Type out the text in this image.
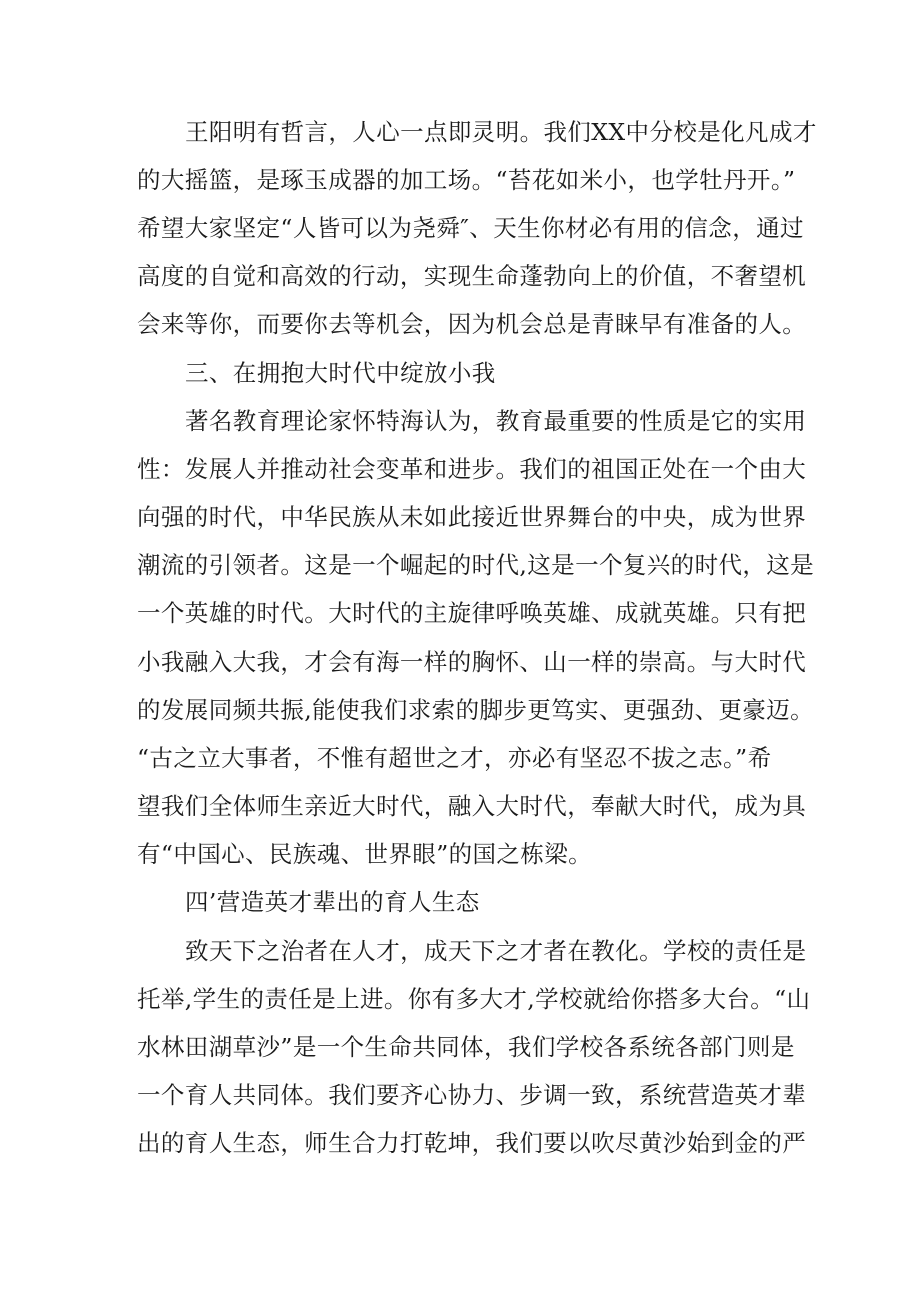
王阳明有哲言，人心一点即灵明。我们XX中分校是化凡成才
的大摇篮，是琢玉成器的加工场。“苔花如米小，也学牡丹开。”
希望大家坚定“人皆可以为尧舜″、天生你材必有用的信念，通过
高度的自觉和高效的行动，实现生命蓬勃向上的价值，不奢望机
会来等你，而要你去等机会，因为机会总是青睐早有准备的人。
三、在拥抱大时代中绽放小我
著名教育理论家怀特海认为，教育最重要的性质是它的实用
性：发展人并推动社会变革和进步。我们的祖国正处在一个由大
向强的时代，中华民族从未如此接近世界舞台的中央，成为世界
潮流的引领者。这是一个崛起的时代,这是一个复兴的时代，这是
一个英雄的时代。大时代的主旋律呼唤英雄、成就英雄。只有把
小我融入大我，才会有海一样的胸怀、山一样的崇高。与大时代
的发展同频共振,能使我们求索的脚步更笃实、更强劲、更豪迈。
“古之立大事者，不惟有超世之才，亦必有坚忍不拔之志。”希
望我们全体师生亲近大时代，融入大时代，奉献大时代，成为具
有“中国心、民族魂、世界眼”的国之栋梁。
四’营造英才辈出的育人生态
致天下之治者在人才，成天下之才者在教化。学校的责任是
托举,学生的责任是上进。你有多大才,学校就给你搭多大台。“山
水林田湖草沙”是一个生命共同体，我们学校各系统各部门则是
一个育人共同体。我们要齐心协力、步调一致，系统营造英才辈
出的育人生态，师生合力打乾坤，我们要以吹尽黄沙始到金的严
